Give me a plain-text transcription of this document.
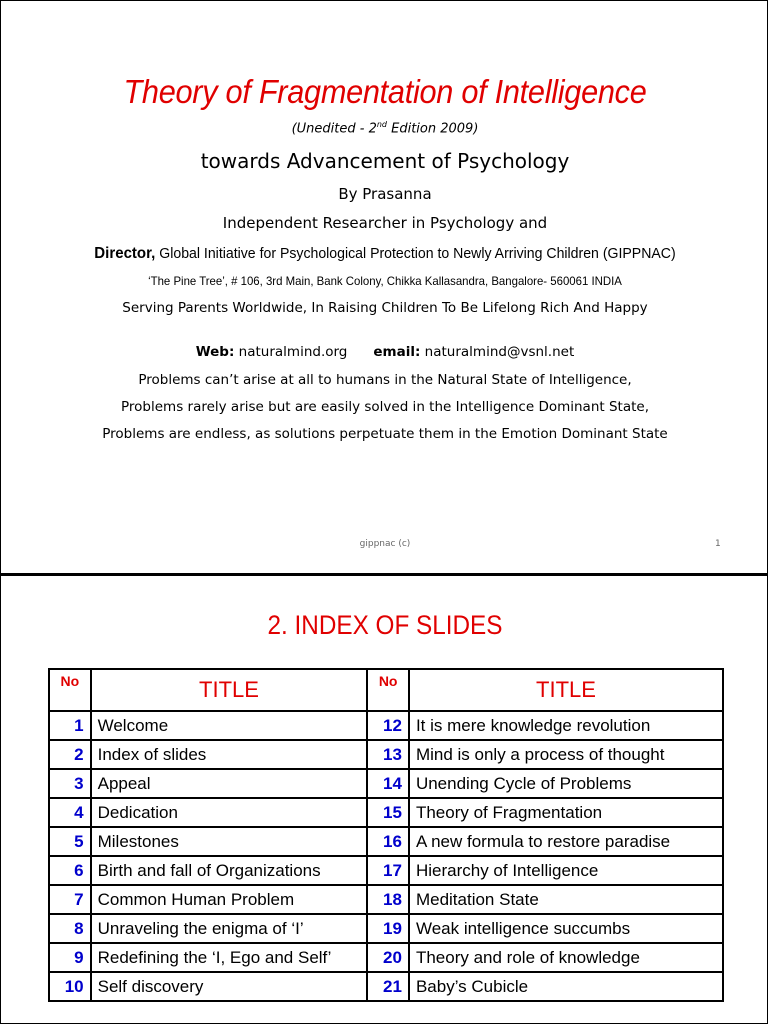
Theory of Fragmentation of Intelligence
(Unedited - 2nd Edition 2009)
towards Advancement of Psychology
By Prasanna
Independent Researcher in Psychology and
Director, Global Initiative for Psychological Protection to Newly Arriving Children (GIPPNAC)
‘The Pine Tree’, # 106, 3rd Main, Bank Colony, Chikka Kallasandra, Bangalore- 560061 INDIA
Serving Parents Worldwide, In Raising Children To Be Lifelong Rich And Happy
Web: naturalmind.org email: naturalmind@vsnl.net
Problems can’t arise at all to humans in the Natural State of Intelligence,
Problems rarely arise but are easily solved in the Intelligence Dominant State,
Problems are endless, as solutions perpetuate them in the Emotion Dominant State
gippnac (c)	1
2. INDEX OF SLIDES
No	TITLE	No	TITLE
1	Welcome	12	It is mere knowledge revolution
2	Index of slides	13	Mind is only a process of thought
3	Appeal	14	Unending Cycle of Problems
4	Dedication	15	Theory of Fragmentation
5	Milestones	16	A new formula to restore paradise
6	Birth and fall of Organizations	17	Hierarchy of Intelligence
7	Common Human Problem	18	Meditation State
8	Unraveling the enigma of ‘I’	19	Weak intelligence succumbs
9	Redefining the ‘I, Ego and Self’	20	Theory and role of knowledge
10	Self discovery	21	Baby’s Cubicle
